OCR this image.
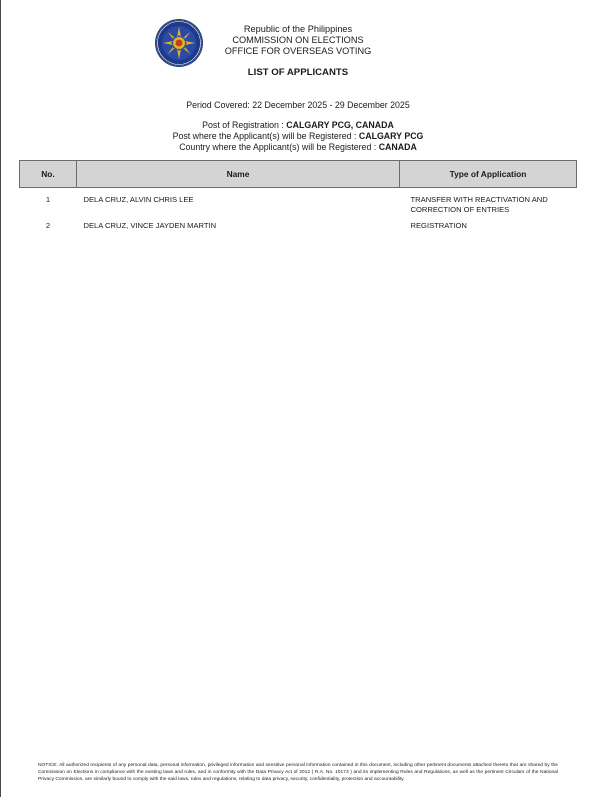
Republic of the Philippines
COMMISSION ON ELECTIONS
OFFICE FOR OVERSEAS VOTING
LIST OF APPLICANTS
Period Covered: 22 December 2025 - 29 December 2025
Post of Registration : CALGARY PCG, CANADA
Post where the Applicant(s) will be Registered : CALGARY PCG
Country where the Applicant(s) will be Registered : CANADA
No.	Name	Type of Application
1	DELA CRUZ, ALVIN CHRIS LEE	TRANSFER WITH REACTIVATION AND
CORRECTION OF ENTRIES

2	DELA CRUZ, VINCE JAYDEN MARTIN	REGISTRATION
NOTICE: All authorized recipients of any personal data, personal information, privileged information and sensitive personal information contained in this document, including other pertinent documents attached thereto that are shared by the Commission on Elections in compliance with the existing laws and rules, and in conformity with the Data Privacy Act of 2012 ( R.A. No. 10173 ) and its implementing Rules and Regulations, as well as the pertinent Circulars of the National Privacy Commission, are similarly bound to comply with the said laws, rules and regulations, relating to data privacy, security, confidentiality, protection and accountability.
